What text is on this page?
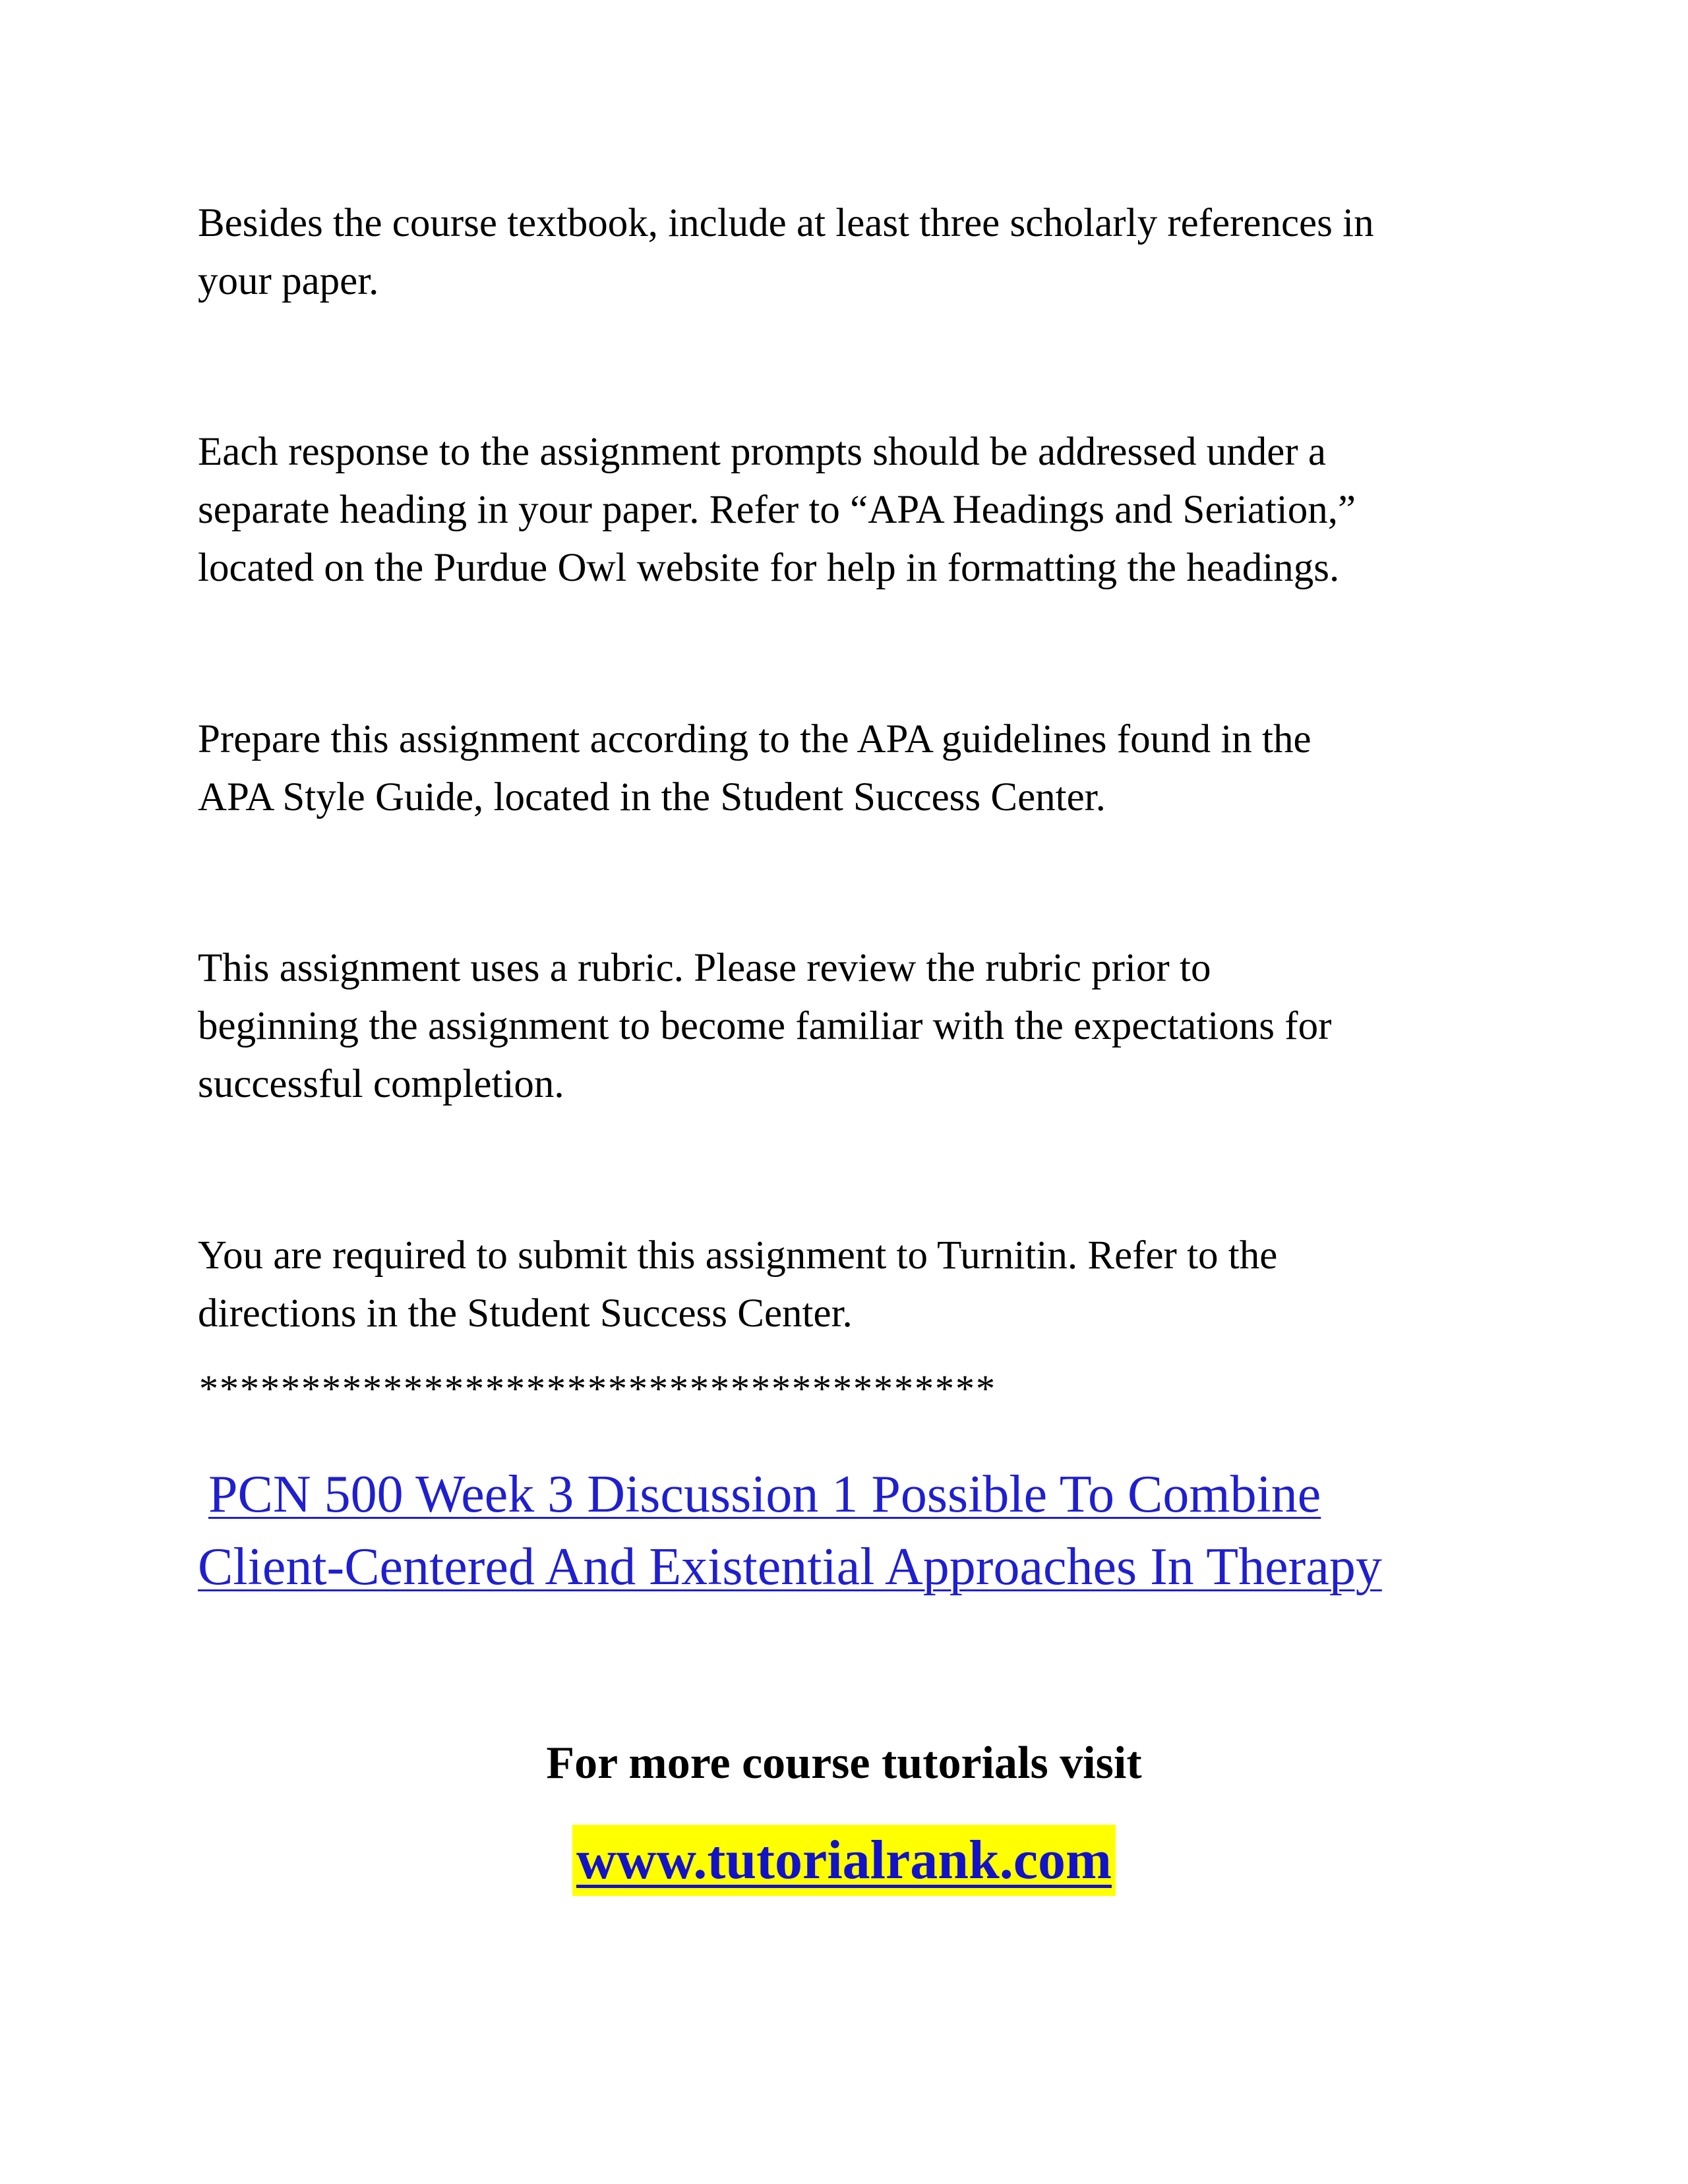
Besides the course textbook, include at least three scholarly references in
your paper.

Each response to the assignment prompts should be addressed under a
separate heading in your paper. Refer to “APA Headings and Seriation,”
located on the Purdue Owl website for help in formatting the headings.

Prepare this assignment according to the APA guidelines found in the
APA Style Guide, located in the Student Success Center.

This assignment uses a rubric. Please review the rubric prior to
beginning the assignment to become familiar with the expectations for
successful completion.

You are required to submit this assignment to Turnitin. Refer to the
directions in the Student Success Center.

***************************************
PCN 500 Week 3 Discussion 1 Possible To Combine
Client-Centered And Existential Approaches In Therapy
For more course tutorials visit
www.tutorialrank.com
